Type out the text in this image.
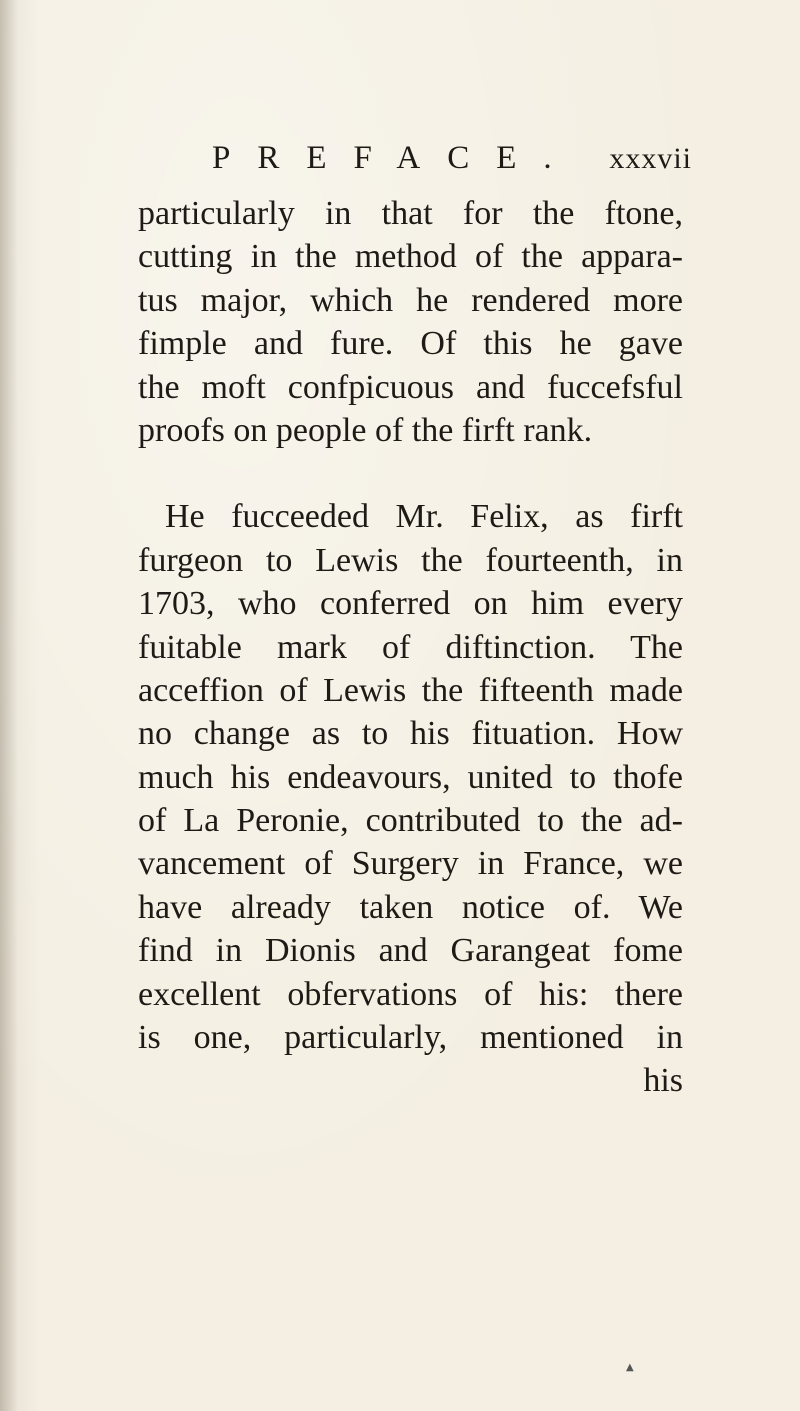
PREFACE. xxxvii
particularly in that for the ftone,
cutting in the method of the appara-
tus major, which he rendered more
fimple and fure. Of this he gave
the moft confpicuous and fuccefsful
proofs on people of the firft rank.
He fucceeded Mr. Felix, as firft
furgeon to Lewis the fourteenth, in
1703, who conferred on him every
fuitable mark of diftinction. The
acceffion of Lewis the fifteenth made
no change as to his fituation. How
much his endeavours, united to thofe
of La Peronie, contributed to the ad-
vancement of Surgery in France, we
have already taken notice of. We
find in Dionis and Garangeat fome
excellent obfervations of his: there
is one, particularly, mentioned in
his
▲
